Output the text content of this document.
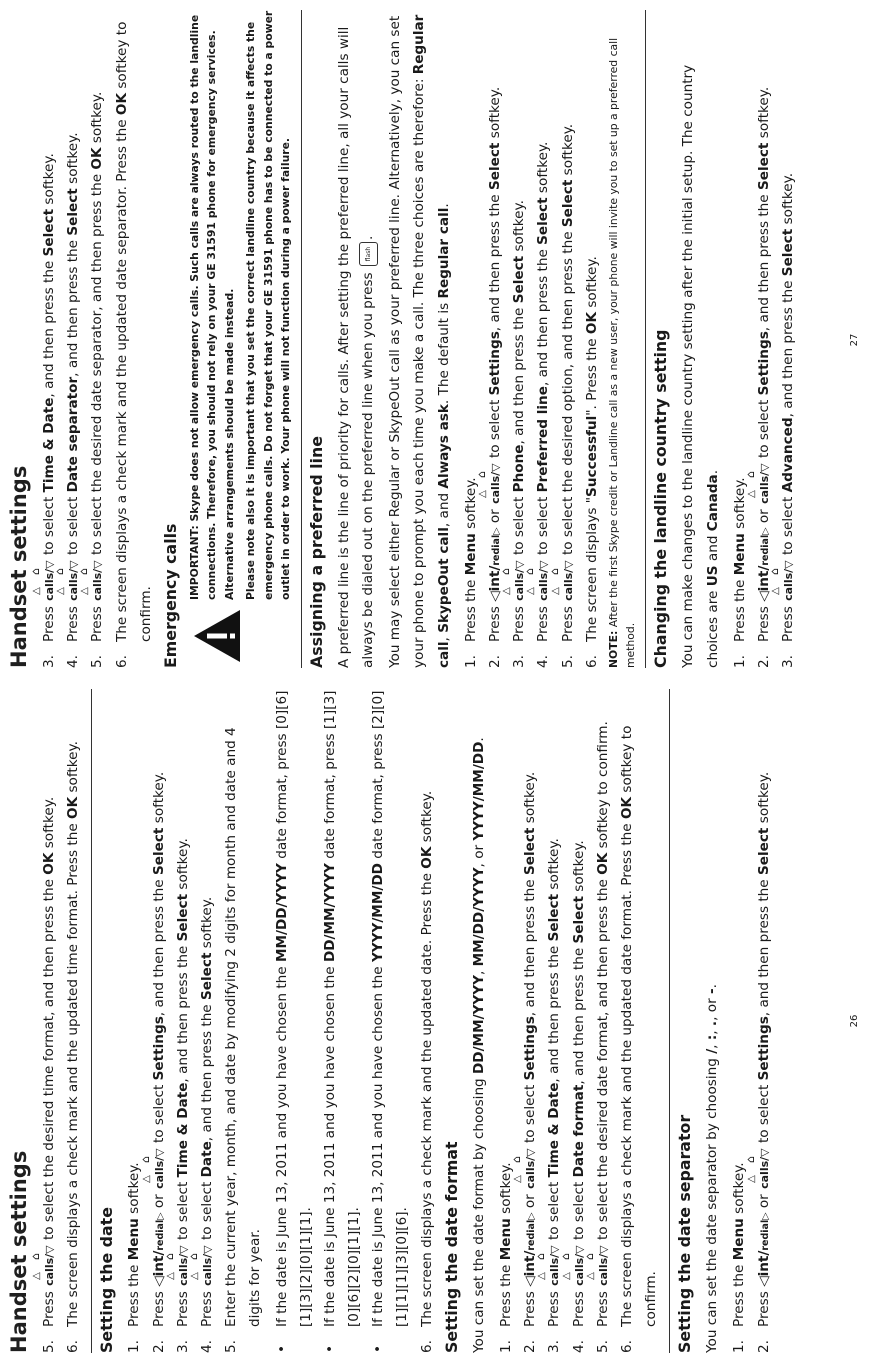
Handset settings 5.
Press
△
⌂ calls/▽ to select the desired time format, and then press the OK softkey.
6.
The screen displays a check mark and the updated time format. Press the OK softkey.
Setting the date 1.
Press the Menu softkey.
2.
Press ◁int/redial▷ or
△
⌂ calls/▽ to select Settings, and then press the Select softkey.
3.
Press
△
⌂ calls/▽ to select Time & Date, and then press the Select softkey.
4.
Press
△
⌂ calls/▽ to select Date, and then press the Select softkey.
5.
Enter the current year, month, and date by modifying 2 digits for month and date and 4 digits for year.
•
If the date is June 13, 2011 and you have chosen the MM/DD/YYYY date format, press [0][6][1][3][2][0][1][1].
•
If the date is June 13, 2011 and you have chosen the DD/MM/YYYY date format, press [1][3][0][6][2][0][1][1].
•
If the date is June 13, 2011 and you have chosen the YYYY/MM/DD date format, press [2][0][1][1][1][3][0][6].
6.
The screen displays a check mark and the updated date. Press the OK softkey.
Setting the date format You can set the date format by choosing DD/MM/YYYY, MM/DD/YYYY, or YYYY/MM/DD.

1.
Press the Menu softkey.
2.
Press ◁int/redial▷ or
△
⌂ calls/▽ to select Settings, and then press the Select softkey.
3.
Press
△
⌂ calls/▽ to select Time & Date, and then press the Select softkey.
4.
Press
△
⌂ calls/▽ to select Date format, and then press the Select softkey.
5.
Press
△
⌂ calls/▽ to select the desired date format, and then press the OK softkey to confirm.
6.
The screen displays a check mark and the updated date format. Press the OK softkey to confirm.	Setting the date separator You can set the date separator by choosing /, :, ., or -.

1.
Press the Menu softkey.
2.
Press ◁int/redial▷ or
△
⌂ calls/▽ to select Settings, and then press the Select softkey.
26
Handset settings 3.
Press
△
⌂ calls/▽ to select Time & Date, and then press the Select softkey.
4.
Press
△
⌂ calls/▽ to select Date separator, and then press the Select softkey.
5.
Press
△
⌂ calls/▽ to select the desired date separator, and then press the OK softkey.
6.
The screen displays a check mark and the updated date separator. Press the OK softkey to confirm. Emergency calls IMPORTANT: Skype does not allow emergency calls. Such calls are always routed to the landline connections. Therefore, you should not rely on your GE 31591 phone for emergency services. Alternative arrangements should be made instead. Please note also it is important that you set the correct landline country because it affects the emergency phone calls. Do not forget that your GE 31591 phone has to be connected to a power outlet in order to work. Your phone will not function during a power failure. Assigning a preferred line A preferred line is the line of priority for calls. After setting the preferred line, all your calls will always be dialed out on the preferred line when you press flash. You may select either Regular or SkypeOut call as your preferred line. Alternatively, you can set your phone to prompt you each time you make a call. The three choices are therefore: Regular call, SkypeOut call, and Always ask. The default is Regular call.

1.
Press the Menu softkey.
2.
Press ◁int/redial▷ or
△
⌂ calls/▽ to select Settings, and then press the Select softkey.
3.
Press
△
⌂ calls/▽ to select Phone, and then press the Select softkey.
4.
Press
△
⌂ calls/▽ to select Preferred line, and then press the Select softkey.
5.
Press
△
⌂ calls/▽ to select the desired option, and then press the Select softkey.
6.
The screen displays "Successful". Press the OK softkey.
NOTE: After the first Skype credit or Landline call as a new user, your phone will invite you to set up a preferred call method. Changing the landline country setting You can make changes to the landline country setting after the initial setup. The country choices are US and Canada.

1.
Press the Menu softkey.
2.
Press ◁int/redial▷ or
△
⌂ calls/▽ to select Settings, and then press the Select softkey.
3.
Press
△
⌂ calls/▽ to select Advanced, and then press the Select softkey.
27
